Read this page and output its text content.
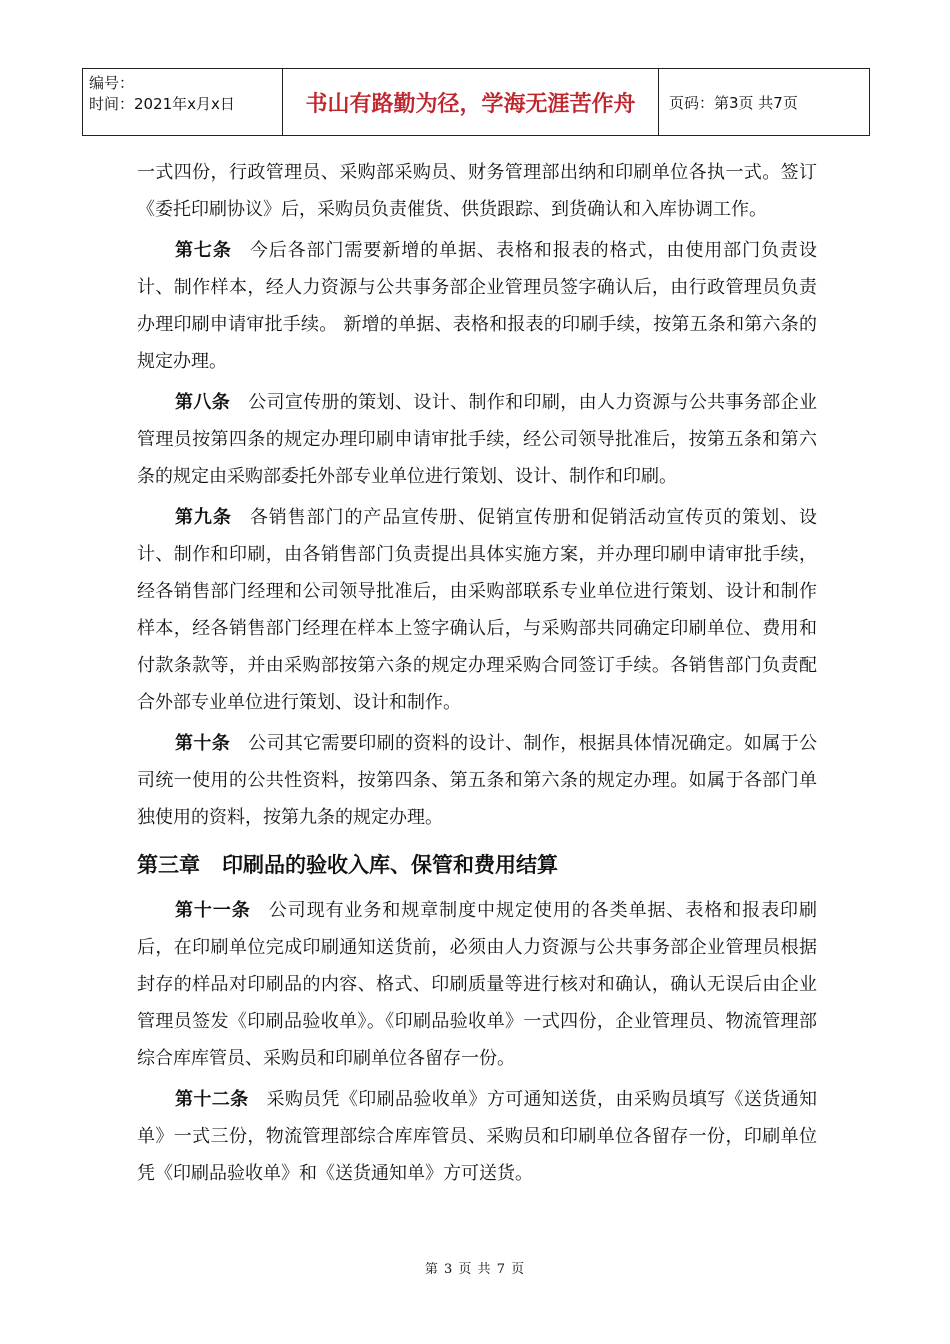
编号：
时间：2021年x月x日	书山有路勤为径，学海无涯苦作舟	页码：第3页 共7页

一式四份，行政管理员、采购部采购员、财务管理部出纳和印刷单位各执一式。签订《委托印刷协议》后，采购员负责催货、供货跟踪、到货确认和入库协调工作。

第七条 今后各部门需要新增的单据、表格和报表的格式，由使用部门负责设计、制作样本，经人力资源与公共事务部企业管理员签字确认后，由行政管理员负责办理印刷申请审批手续。 新增的单据、表格和报表的印刷手续，按第五条和第六条的规定办理。

第八条 公司宣传册的策划、设计、制作和印刷，由人力资源与公共事务部企业管理员按第四条的规定办理印刷申请审批手续，经公司领导批准后，按第五条和第六条的规定由采购部委托外部专业单位进行策划、设计、制作和印刷。

第九条 各销售部门的产品宣传册、促销宣传册和促销活动宣传页的策划、设计、制作和印刷，由各销售部门负责提出具体实施方案，并办理印刷申请审批手续，经各销售部门经理和公司领导批准后，由采购部联系专业单位进行策划、设计和制作样本，经各销售部门经理在样本上签字确认后，与采购部共同确定印刷单位、费用和付款条款等，并由采购部按第六条的规定办理采购合同签订手续。各销售部门负责配合外部专业单位进行策划、设计和制作。

第十条 公司其它需要印刷的资料的设计、制作，根据具体情况确定。如属于公司统一使用的公共性资料，按第四条、第五条和第六条的规定办理。如属于各部门单独使用的资料，按第九条的规定办理。

第三章 印刷品的验收入库、保管和费用结算

第十一条 公司现有业务和规章制度中规定使用的各类单据、表格和报表印刷后，在印刷单位完成印刷通知送货前，必须由人力资源与公共事务部企业管理员根据封存的样品对印刷品的内容、格式、印刷质量等进行核对和确认，确认无误后由企业管理员签发《印刷品验收单》。《印刷品验收单》一式四份，企业管理员、物流管理部综合库库管员、采购员和印刷单位各留存一份。

第十二条 采购员凭《印刷品验收单》方可通知送货，由采购员填写《送货通知单》一式三份，物流管理部综合库库管员、采购员和印刷单位各留存一份，印刷单位凭《印刷品验收单》和《送货通知单》方可送货。

第 3 页 共 7 页
